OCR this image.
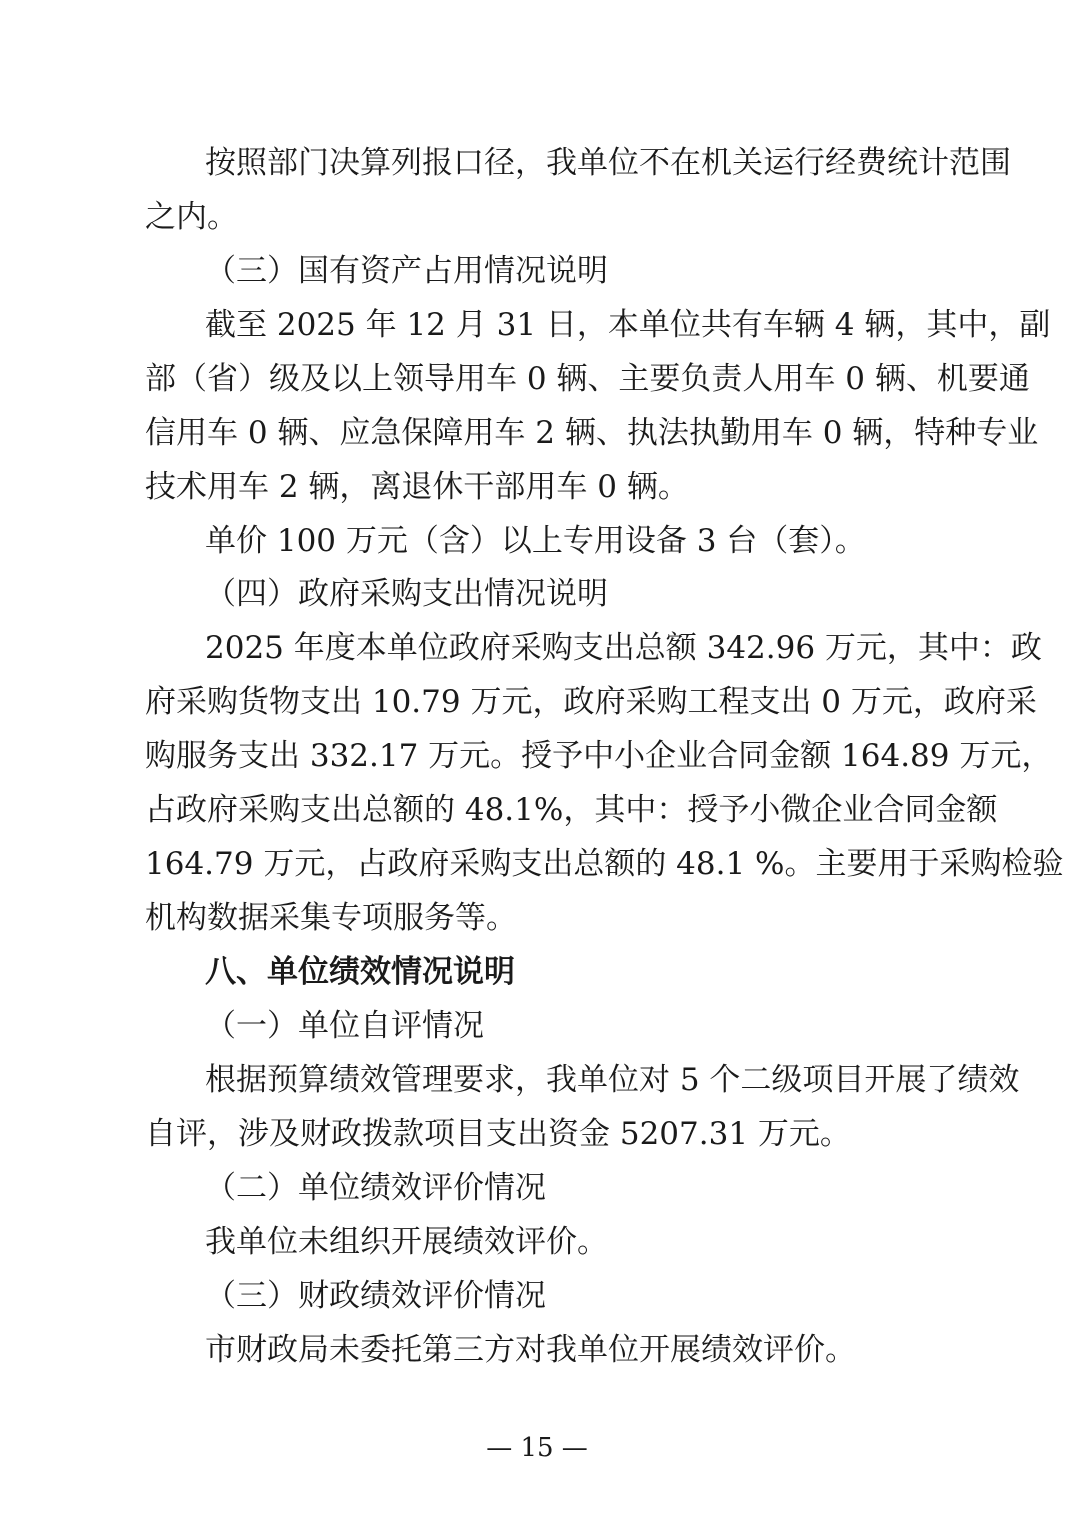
按照部门决算列报口径，我单位不在机关运行经费统计范围
之内。
（三）国有资产占用情况说明
截至 2025 年 12 月 31 日，本单位共有车辆 4 辆，其中，副
部（省）级及以上领导用车 0 辆、主要负责人用车 0 辆、机要通
信用车 0 辆、应急保障用车 2 辆、执法执勤用车 0 辆，特种专业
技术用车 2 辆，离退休干部用车 0 辆。
单价 100 万元（含）以上专用设备 3 台（套）。
（四）政府采购支出情况说明
2025 年度本单位政府采购支出总额 342.96 万元，其中：政
府采购货物支出 10.79 万元，政府采购工程支出 0 万元，政府采
购服务支出 332.17 万元。授予中小企业合同金额 164.89 万元，
占政府采购支出总额的 48.1%，其中：授予小微企业合同金额
164.79 万元，占政府采购支出总额的 48.1 %。主要用于采购检验
机构数据采集专项服务等。
八、单位绩效情况说明
（一）单位自评情况
根据预算绩效管理要求，我单位对 5 个二级项目开展了绩效
自评，涉及财政拨款项目支出资金 5207.31 万元。
（二）单位绩效评价情况
我单位未组织开展绩效评价。
（三）财政绩效评价情况
市财政局未委托第三方对我单位开展绩效评价。
— 15 —
